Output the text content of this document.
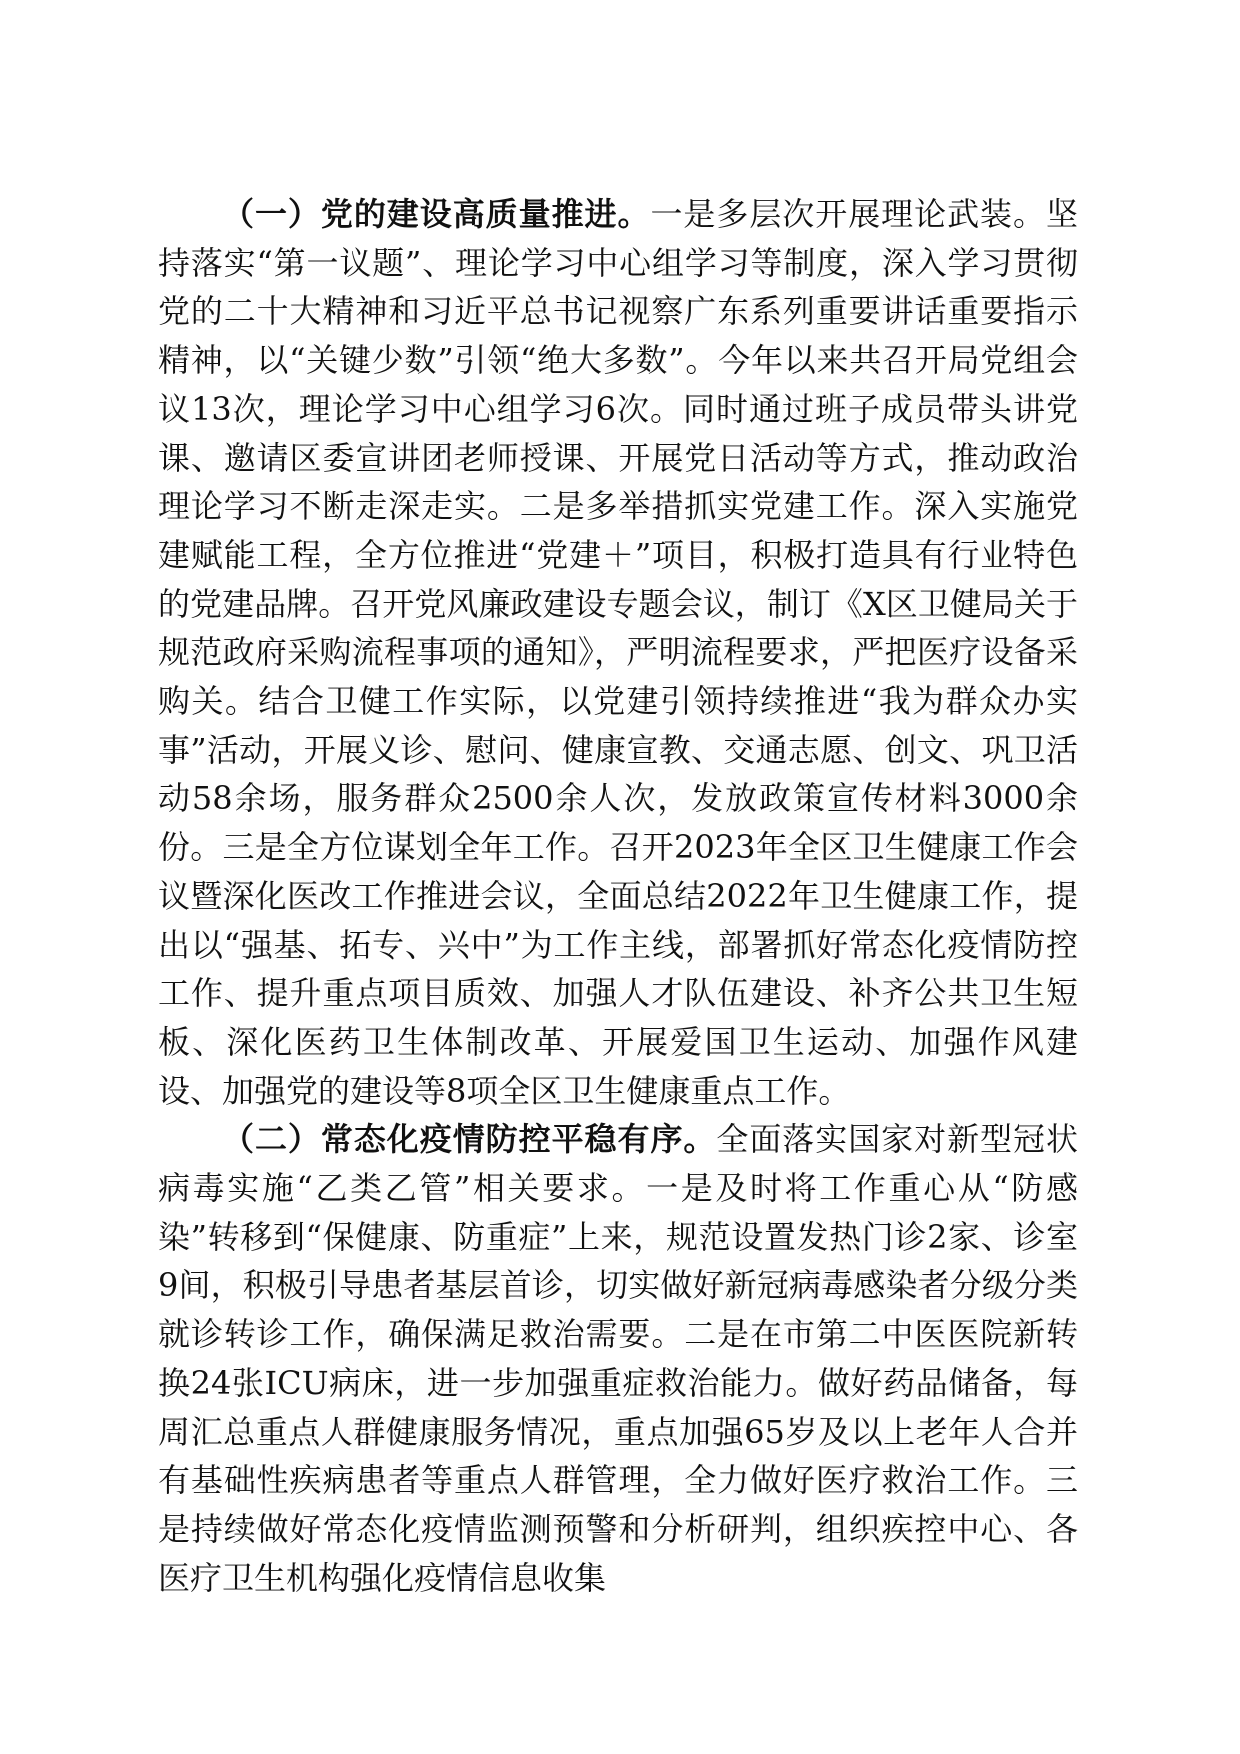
（一）党的建设高质量推进。一是多层次开展理论武装。坚持落实“第一议题”、理论学习中心组学习等制度，深入学习贯彻党的二十大精神和习近平总书记视察广东系列重要讲话重要指示精神，以“关键少数”引领“绝大多数”。今年以来共召开局党组会议13次，理论学习中心组学习6次。同时通过班子成员带头讲党课、邀请区委宣讲团老师授课、开展党日活动等方式，推动政治理论学习不断走深走实。二是多举措抓实党建工作。深入实施党建赋能工程，全方位推进“党建＋”项目，积极打造具有行业特色的党建品牌。召开党风廉政建设专题会议，制订《X区卫健局关于规范政府采购流程事项的通知》，严明流程要求，严把医疗设备采购关。结合卫健工作实际，以党建引领持续推进“我为群众办实事”活动，开展义诊、慰问、健康宣教、交通志愿、创文、巩卫活动58余场，服务群众2500余人次，发放政策宣传材料3000余份。三是全方位谋划全年工作。召开2023年全区卫生健康工作会议暨深化医改工作推进会议，全面总结2022年卫生健康工作，提出以“强基、拓专、兴中”为工作主线，部署抓好常态化疫情防控工作、提升重点项目质效、加强人才队伍建设、补齐公共卫生短板、深化医药卫生体制改革、开展爱国卫生运动、加强作风建设、加强党的建设等8项全区卫生健康重点工作。

（二）常态化疫情防控平稳有序。全面落实国家对新型冠状病毒实施“乙类乙管”相关要求。一是及时将工作重心从“防感染”转移到“保健康、防重症”上来，规范设置发热门诊2家、诊室9间，积极引导患者基层首诊，切实做好新冠病毒感染者分级分类就诊转诊工作，确保满足救治需要。二是在市第二中医医院新转换24张ICU病床，进一步加强重症救治能力。做好药品储备，每周汇总重点人群健康服务情况，重点加强65岁及以上老年人合并有基础性疾病患者等重点人群管理，全力做好医疗救治工作。三是持续做好常态化疫情监测预警和分析研判，组织疾控中心、各医疗卫生机构强化疫情信息收集
